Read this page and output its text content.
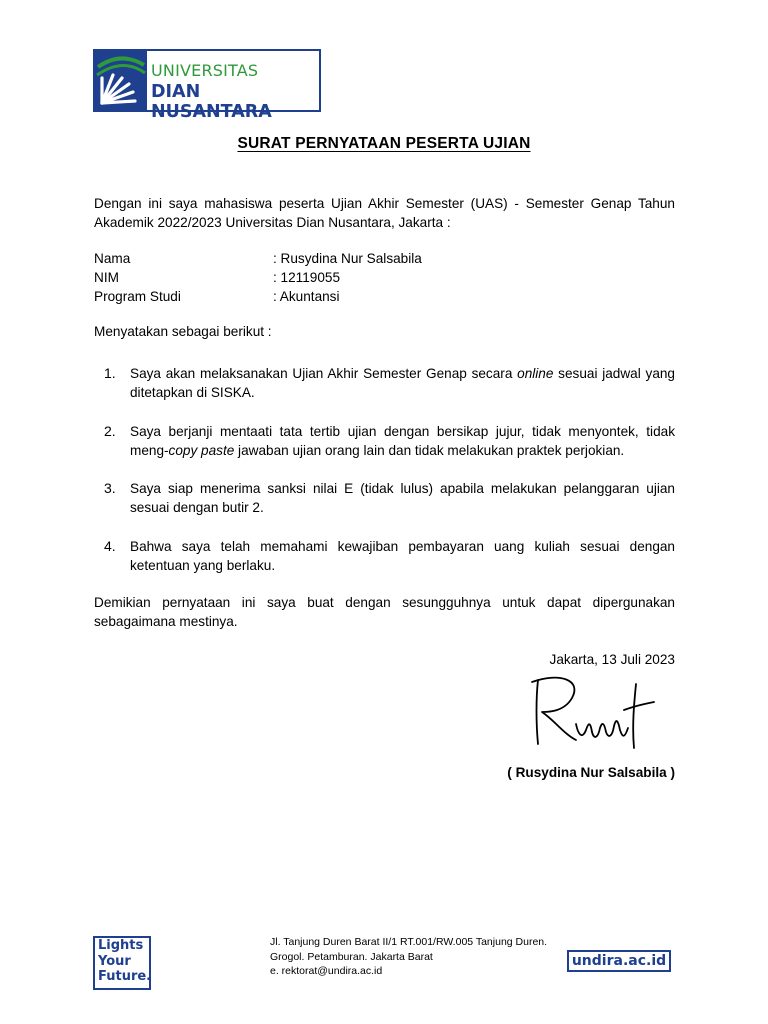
UNIVERSITAS
DIAN NUSANTARA
SURAT PERNYATAAN PESERTA UJIAN
Dengan ini saya mahasiswa peserta Ujian Akhir Semester (UAS) - Semester Genap Tahun Akademik 2022/2023 Universitas Dian Nusantara, Jakarta :
Nama	: Rusydina Nur Salsabila
NIM	: 12119055
Program Studi	: Akuntansi
Menyatakan sebagai berikut :
1. Saya akan melaksanakan Ujian Akhir Semester Genap secara online sesuai jadwal yang ditetapkan di SISKA.
2. Saya berjanji mentaati tata tertib ujian dengan bersikap jujur, tidak menyontek, tidak meng-copy paste jawaban ujian orang lain dan tidak melakukan praktek perjokian.
3. Saya siap menerima sanksi nilai E (tidak lulus) apabila melakukan pelanggaran ujian sesuai dengan butir 2.
4. Bahwa saya telah memahami kewajiban pembayaran uang kuliah sesuai dengan ketentuan yang berlaku.
Demikian pernyataan ini saya buat dengan sesungguhnya untuk dapat dipergunakan sebagaimana mestinya.
Jakarta, 13 Juli 2023
( Rusydina Nur Salsabila )
Lights
Your
Future.
Jl. Tanjung Duren Barat II/1 RT.001/RW.005 Tanjung Duren.
Grogol. Petamburan. Jakarta Barat
e. rektorat@undira.ac.id
undira.ac.id
